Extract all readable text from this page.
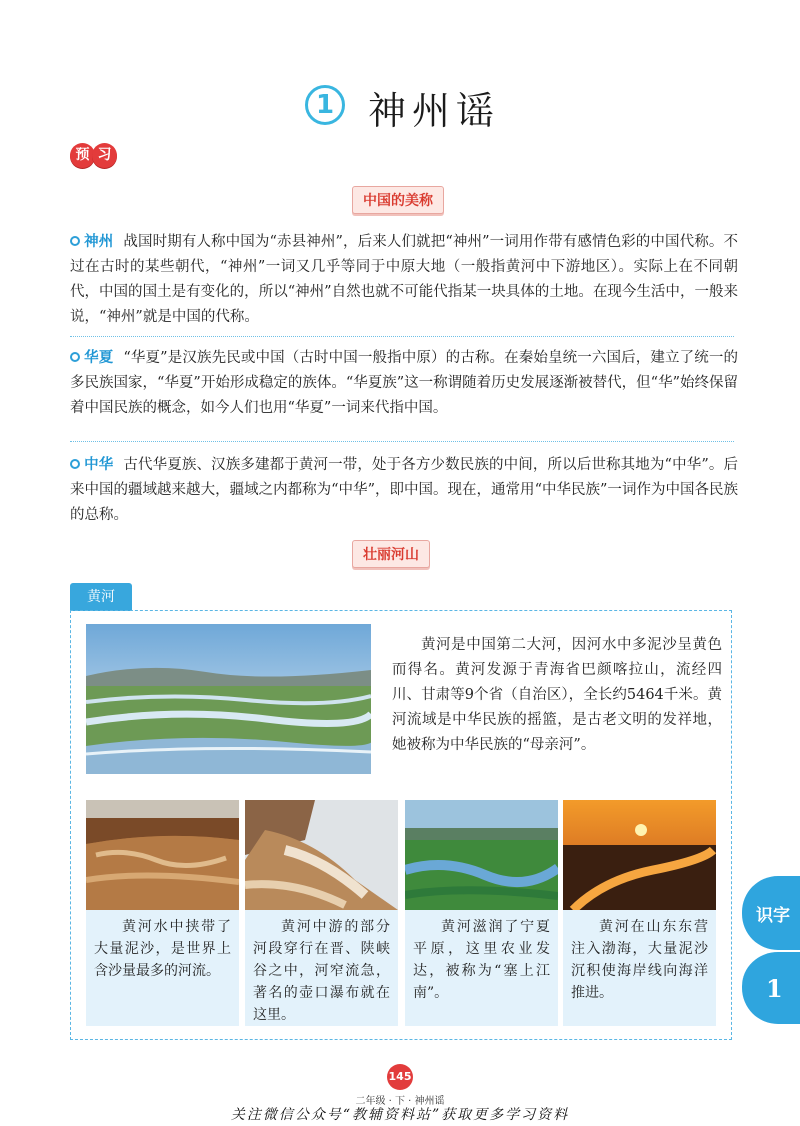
1 神州谣
预 习
中国的美称
神州 战国时期有人称中国为“赤县神州”，后来人们就把“神州”一词用作带有感情色彩的中国代称。不过在古时的某些朝代，“神州”一词又几乎等同于中原大地（一般指黄河中下游地区）。实际上在不同朝代，中国的国土是有变化的，所以“神州”自然也就不可能代指某一块具体的土地。在现今生活中，一般来说，“神州”就是中国的代称。
华夏 “华夏”是汉族先民或中国（古时中国一般指中原）的古称。在秦始皇统一六国后，建立了统一的多民族国家，“华夏”开始形成稳定的族体。“华夏族”这一称谓随着历史发展逐渐被替代，但“华”始终保留着中国民族的概念，如今人们也用“华夏”一词来代指中国。
中华 古代华夏族、汉族多建都于黄河一带，处于各方少数民族的中间，所以后世称其地为“中华”。后来中国的疆域越来越大，疆域之内都称为“中华”，即中国。现在，通常用“中华民族”一词作为中国各民族的总称。
壮丽河山
黄河
黄河是中国第二大河，因河水中多泥沙呈黄色而得名。黄河发源于青海省巴颜喀拉山，流经四川、甘肃等9个省（自治区），全长约5464千米。黄河流域是中华民族的摇篮，是古老文明的发祥地，她被称为中华民族的“母亲河”。
黄河水中挟带了大量泥沙，是世界上含沙量最多的河流。
黄河中游的部分河段穿行在晋、陕峡谷之中，河窄流急，著名的壶口瀑布就在这里。
黄河滋润了宁夏平原，这里农业发达，被称为“塞上江南”。
黄河在山东东营注入渤海，大量泥沙沉积使海岸线向海洋推进。
识字
1
145
二年级 · 下 · 神州谣
关注微信公众号“教辅资料站”获取更多学习资料
